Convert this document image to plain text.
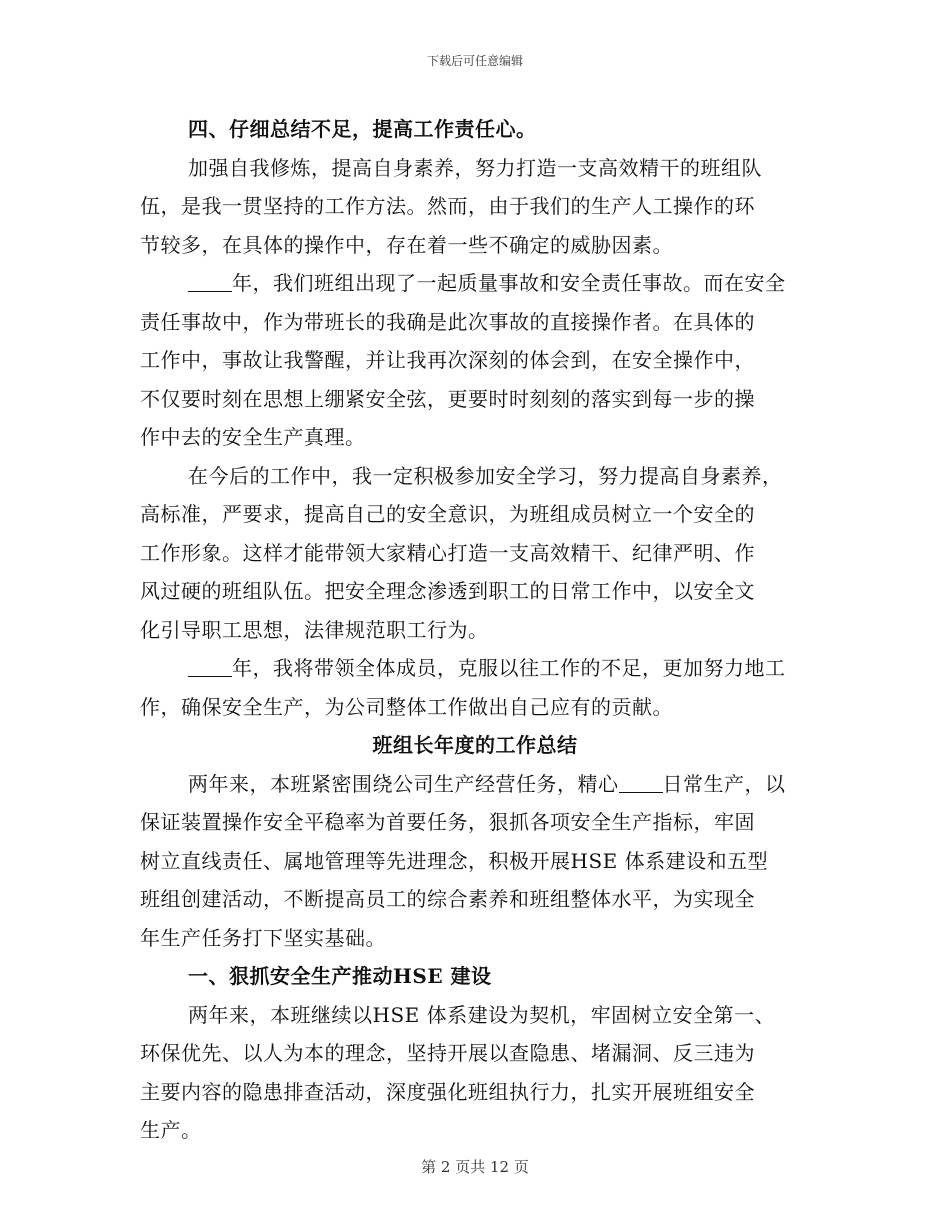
下载后可任意编辑
四、仔细总结不足，提高工作责任心。
加强自我修炼，提高自身素养，努力打造一支高效精干的班组队
伍，是我一贯坚持的工作方法。然而，由于我们的生产人工操作的环
节较多，在具体的操作中，存在着一些不确定的威胁因素。
年，我们班组出现了一起质量事故和安全责任事故。而在安全
责任事故中，作为带班长的我确是此次事故的直接操作者。在具体的
工作中，事故让我警醒，并让我再次深刻的体会到，在安全操作中，
不仅要时刻在思想上绷紧安全弦，更要时时刻刻的落实到每一步的操
作中去的安全生产真理。
在今后的工作中，我一定积极参加安全学习，努力提高自身素养，
高标准，严要求，提高自己的安全意识，为班组成员树立一个安全的
工作形象。这样才能带领大家精心打造一支高效精干、纪律严明、作
风过硬的班组队伍。把安全理念渗透到职工的日常工作中，以安全文
化引导职工思想，法律规范职工行为。
年，我将带领全体成员，克服以往工作的不足，更加努力地工
作，确保安全生产，为公司整体工作做出自己应有的贡献。
班组长年度的工作总结
两年来，本班紧密围绕公司生产经营任务，精心 日常生产，以
保证装置操作安全平稳率为首要任务，狠抓各项安全生产指标，牢固
树立直线责任、属地管理等先进理念，积极开展HSE 体系建设和五型
班组创建活动，不断提高员工的综合素养和班组整体水平，为实现全
年生产任务打下坚实基础。
一、狠抓安全生产推动HSE 建设
两年来，本班继续以HSE 体系建设为契机，牢固树立安全第一、
环保优先、以人为本的理念，坚持开展以查隐患、堵漏洞、反三违为
主要内容的隐患排查活动，深度强化班组执行力，扎实开展班组安全
生产。
第 2 页共 12 页
